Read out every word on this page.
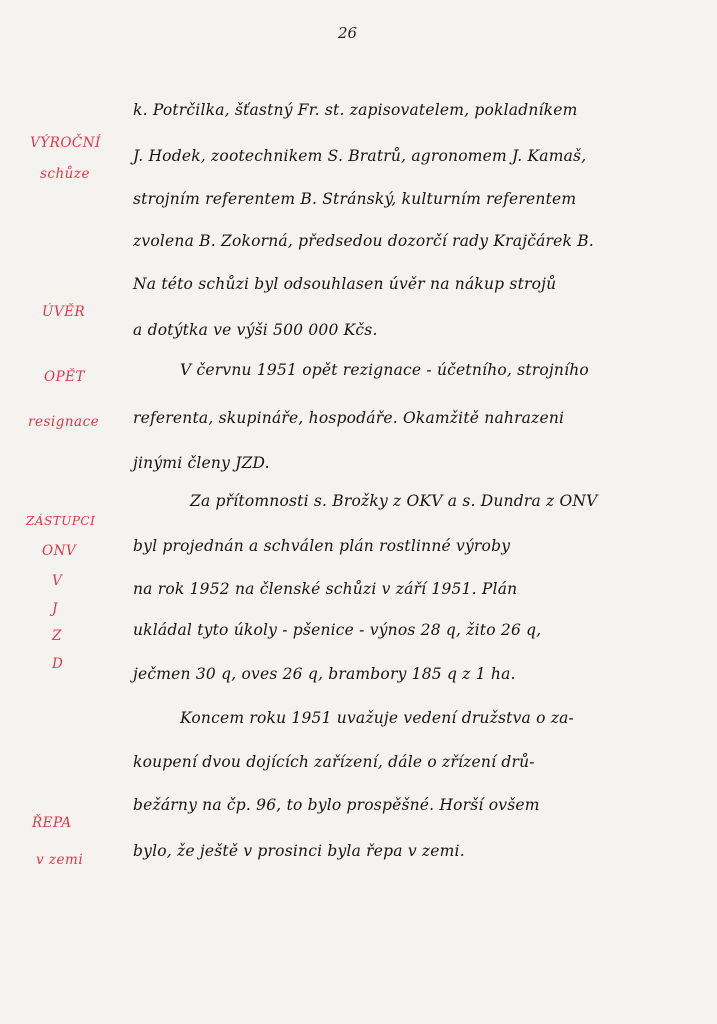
26
VÝROČNÍ
schůze
ÚVĚR
OPĚT
resignace
ZÁSTUPCI
ONV
V
J
Z
D
ŘEPA
v zemi
k. Potrčilka, šťastný Fr. st. zapisovatelem, pokladníkem
J. Hodek, zootechnikem S. Bratrů, agronomem J. Kamaš,
strojním referentem B. Stránský, kulturním referentem
zvolena B. Zokorná, předsedou dozorčí rady Krajčárek B.
Na této schůzi byl odsouhlasen úvěr na nákup strojů
a dotýtka ve výši 500 000 Kčs.
V červnu 1951 opět rezignace - účetního, strojního
referenta, skupináře, hospodáře. Okamžitě nahrazeni
jinými členy JZD.
Za přítomnosti s. Brožky z OKV a s. Dundra z ONV
byl projednán a schválen plán rostlinné výroby
na rok 1952 na členské schůzi v září 1951. Plán
ukládal tyto úkoly - pšenice - výnos 28 q, žito 26 q,
ječmen 30 q, oves 26 q, brambory 185 q z 1 ha.
Koncem roku 1951 uvažuje vedení družstva o za-
koupení dvou dojících zařízení, dále o zřízení drů-
bežárny na čp. 96, to bylo prospěšné. Horší ovšem
bylo, že ještě v prosinci byla řepa v zemi.
